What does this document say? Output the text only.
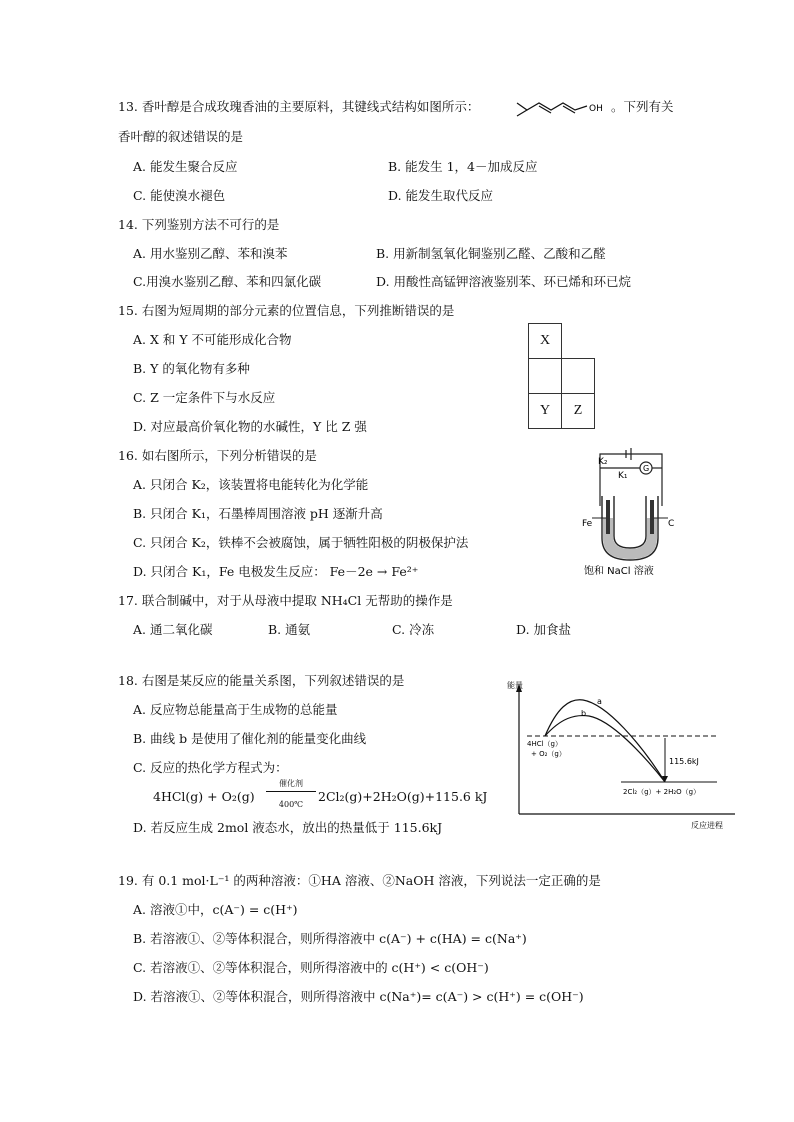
13. 香叶醇是合成玫瑰香油的主要原料，其键线式结构如图所示：	OH 。下列有关
香叶醇的叙述错误的是
A. 能发生聚合反应	B. 能发生 1，4－加成反应
C. 能使溴水褪色	D. 能发生取代反应
14. 下列鉴别方法不可行的是
A. 用水鉴别乙醇、苯和溴苯	B. 用新制氢氧化铜鉴别乙醛、乙酸和乙醛
C.用溴水鉴别乙醇、苯和四氯化碳	D. 用酸性高锰钾溶液鉴别苯、环已烯和环已烷
15. 右图为短周期的部分元素的位置信息，下列推断错误的是
A. X 和 Y 不可能形成化合物
B. Y 的氧化物有多种
C. Z 一定条件下与水反应
D. 对应最高价氧化物的水碱性，Y 比 Z 强
X
Y	Z
16. 如右图所示，下列分析错误的是
A. 只闭合 K₂，该装置将电能转化为化学能
B. 只闭合 K₁，石墨棒周围溶液 pH 逐渐升高
C. 只闭合 K₂，铁棒不会被腐蚀，属于牺牲阳极的阴极保护法
D. 只闭合 K₁，Fe 电极发生反应： Fe－2e → Fe²⁺
K₂
K₁
G
Fe	C
饱和 NaCl 溶液
17. 联合制碱中，对于从母液中提取 NH₄Cl 无帮助的操作是
A. 通二氧化碳	B. 通氨	C. 冷冻	D. 加食盐
18. 右图是某反应的能量关系图，下列叙述错误的是
A. 反应物总能量高于生成物的总能量
B. 曲线 b 是使用了催化剂的能量变化曲线
C. 反应的热化学方程式为：
4HCl(g) + O₂(g)
催化剂
400℃
2Cl₂(g)+2H₂O(g)+115.6 kJ
D. 若反应生成 2mol 液态水，放出的热量低于 115.6kJ
能量
反应进程
a
b
4HCl（g）
+ O₂（g）
115.6kJ
2Cl₂（g）+ 2H₂O（g）
19. 有 0.1 mol·L⁻¹ 的两种溶液：①HA 溶液、②NaOH 溶液，下列说法一定正确的是
A. 溶液①中，c(A⁻) = c(H⁺)
B. 若溶液①、②等体积混合，则所得溶液中 c(A⁻) + c(HA) = c(Na⁺)
C. 若溶液①、②等体积混合，则所得溶液中的 c(H⁺) < c(OH⁻)
D. 若溶液①、②等体积混合，则所得溶液中 c(Na⁺)= c(A⁻) > c(H⁺) = c(OH⁻)
